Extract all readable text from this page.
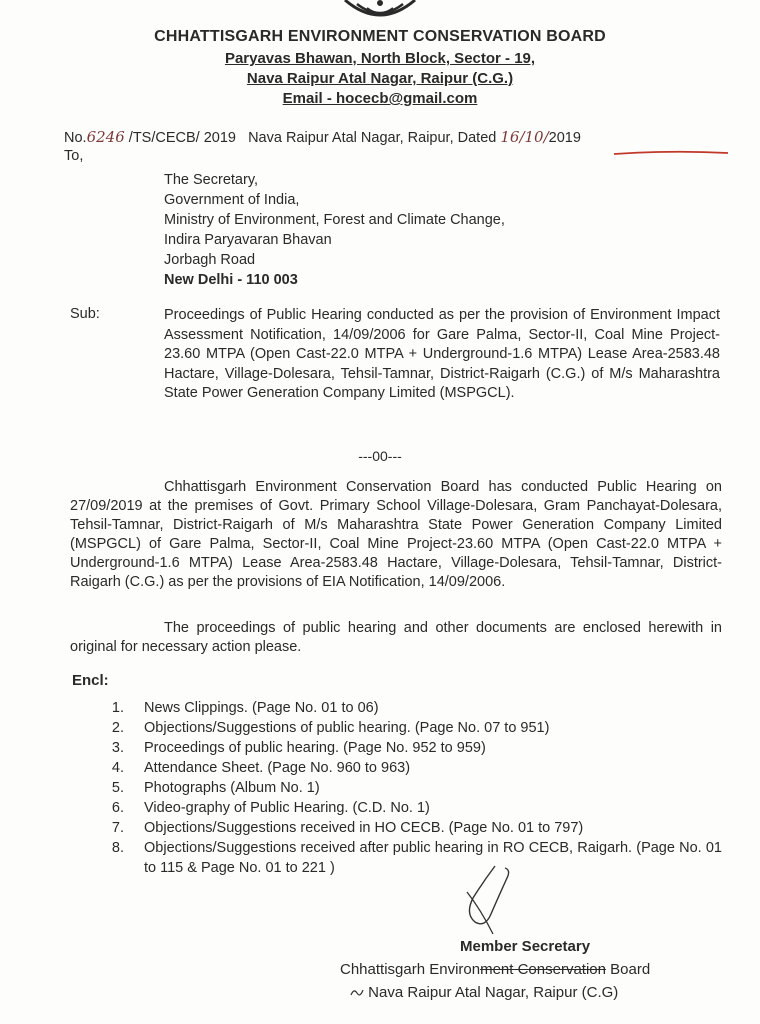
CHHATTISGARH ENVIRONMENT CONSERVATION BOARD
Paryavas Bhawan, North Block, Sector - 19,
Nava Raipur Atal Nagar, Raipur (C.G.)
Email - hocecb@gmail.com
No.6246 /TS/CECB/ 2019 Nava Raipur Atal Nagar, Raipur, Dated 16/10/2019
To,
The Secretary,
Government of India,
Ministry of Environment, Forest and Climate Change,
Indira Paryavaran Bhavan
Jorbagh Road
New Delhi - 110 003
Sub:	Proceedings of Public Hearing conducted as per the provision of Environment Impact Assessment Notification, 14/09/2006 for Gare Palma, Sector-II, Coal Mine Project-23.60 MTPA (Open Cast-22.0 MTPA + Underground-1.6 MTPA) Lease Area-2583.48 Hactare, Village-Dolesara, Tehsil-Tamnar, District-Raigarh (C.G.) of M/s Maharashtra State Power Generation Company Limited (MSPGCL).
---00---
Chhattisgarh Environment Conservation Board has conducted Public Hearing on 27/09/2019 at the premises of Govt. Primary School Village-Dolesara, Gram Panchayat-Dolesara, Tehsil-Tamnar, District-Raigarh of M/s Maharashtra State Power Generation Company Limited (MSPGCL) of Gare Palma, Sector-II, Coal Mine Project-23.60 MTPA (Open Cast-22.0 MTPA + Underground-1.6 MTPA) Lease Area-2583.48 Hactare, Village-Dolesara, Tehsil-Tamnar, District-Raigarh (C.G.) as per the provisions of EIA Notification, 14/09/2006.
The proceedings of public hearing and other documents are enclosed herewith in original for necessary action please.
Encl:
1. News Clippings. (Page No. 01 to 06)
2. Objections/Suggestions of public hearing. (Page No. 07 to 951)
3. Proceedings of public hearing. (Page No. 952 to 959)
4. Attendance Sheet. (Page No. 960 to 963)
5. Photographs (Album No. 1)
6. Video-graphy of Public Hearing. (C.D. No. 1)
7. Objections/Suggestions received in HO CECB. (Page No. 01 to 797)
8. Objections/Suggestions received after public hearing in RO CECB, Raigarh. (Page No. 01 to 115 & Page No. 01 to 221 )
Member Secretary
Chhattisgarh Environment Conservation Board
Nava Raipur Atal Nagar, Raipur (C.G)
